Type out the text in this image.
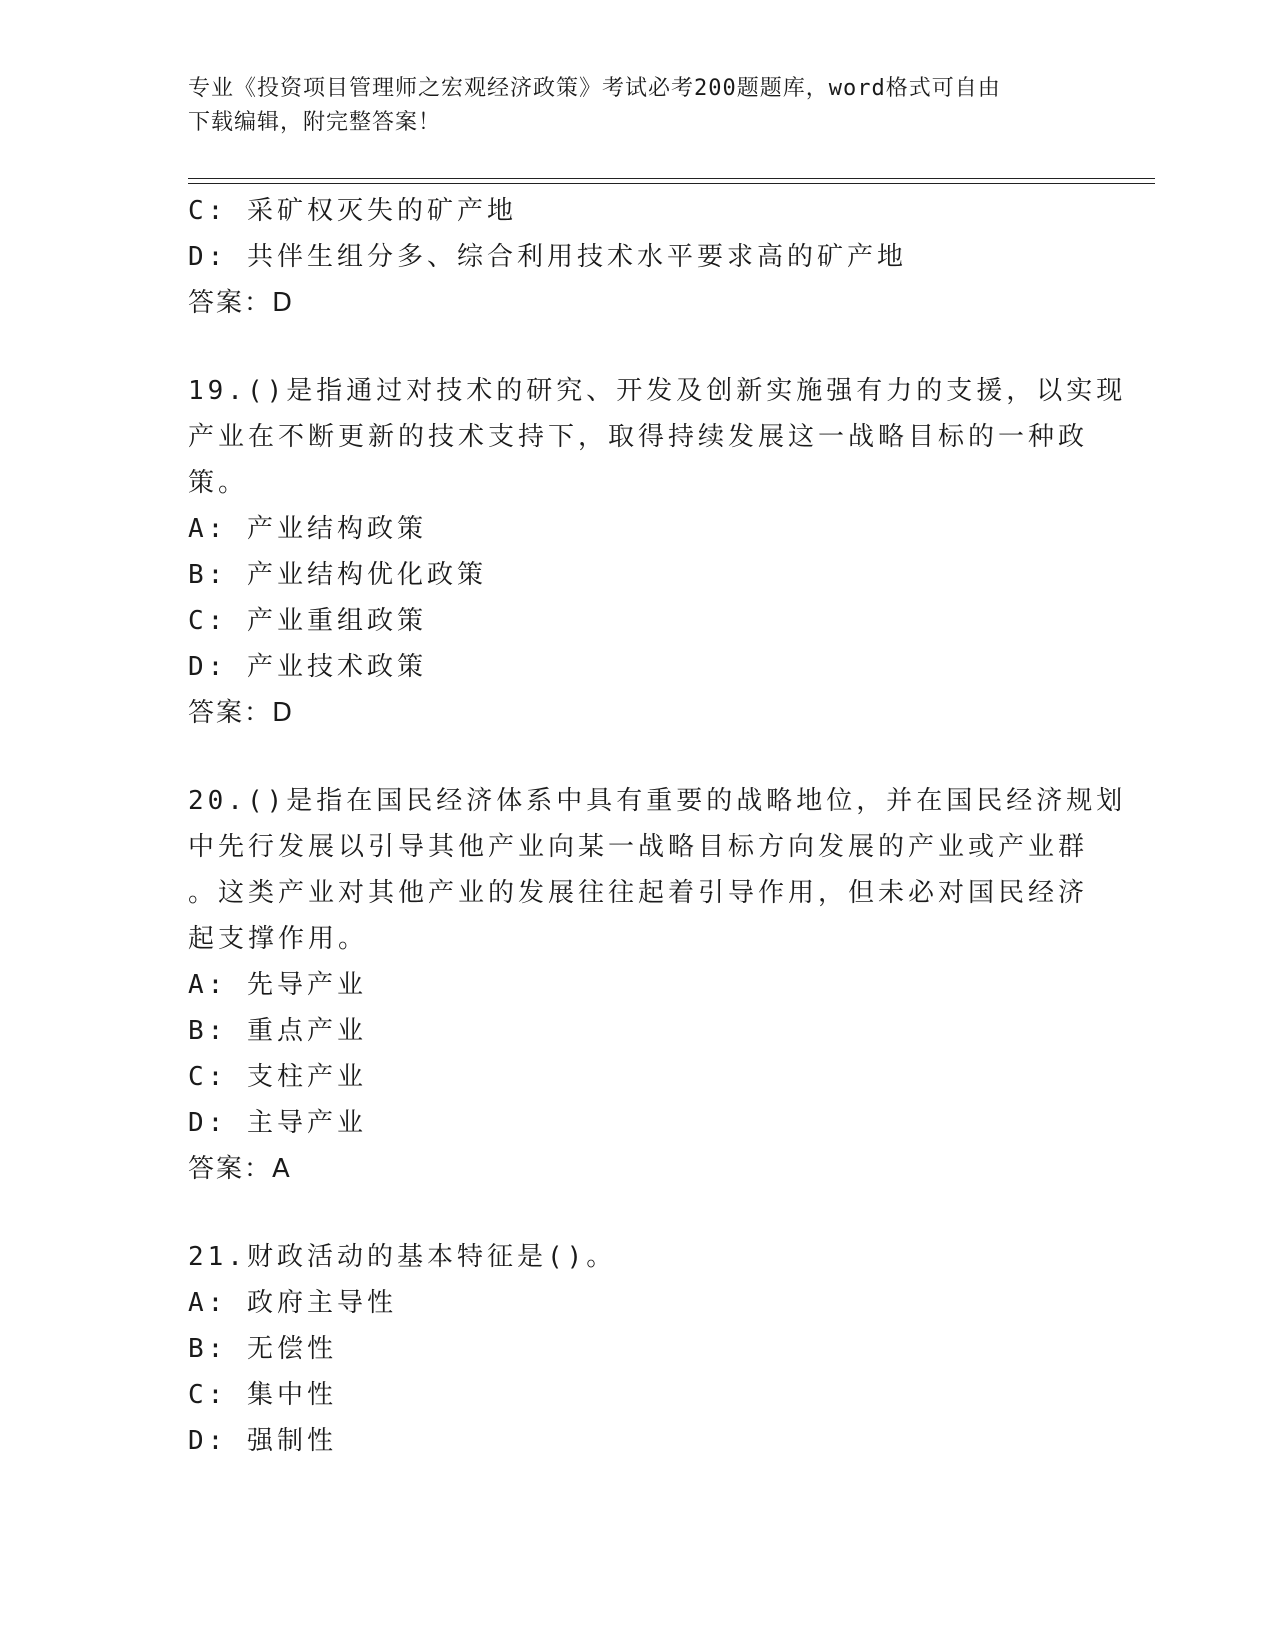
专业《投资项目管理师之宏观经济政策》考试必考200题题库，word格式可自由
下载编辑，附完整答案！
C: 采矿权灭失的矿产地
D: 共伴生组分多、综合利用技术水平要求高的矿产地
答案：D
19.()是指通过对技术的研究、开发及创新实施强有力的支援，以实现
产业在不断更新的技术支持下，取得持续发展这一战略目标的一种政
策。
A: 产业结构政策
B: 产业结构优化政策
C: 产业重组政策
D: 产业技术政策
答案：D
20.()是指在国民经济体系中具有重要的战略地位，并在国民经济规划
中先行发展以引导其他产业向某一战略目标方向发展的产业或产业群
。这类产业对其他产业的发展往往起着引导作用，但未必对国民经济
起支撑作用。
A: 先导产业
B: 重点产业
C: 支柱产业
D: 主导产业
答案：A
21.财政活动的基本特征是()。
A: 政府主导性
B: 无偿性
C: 集中性
D: 强制性
